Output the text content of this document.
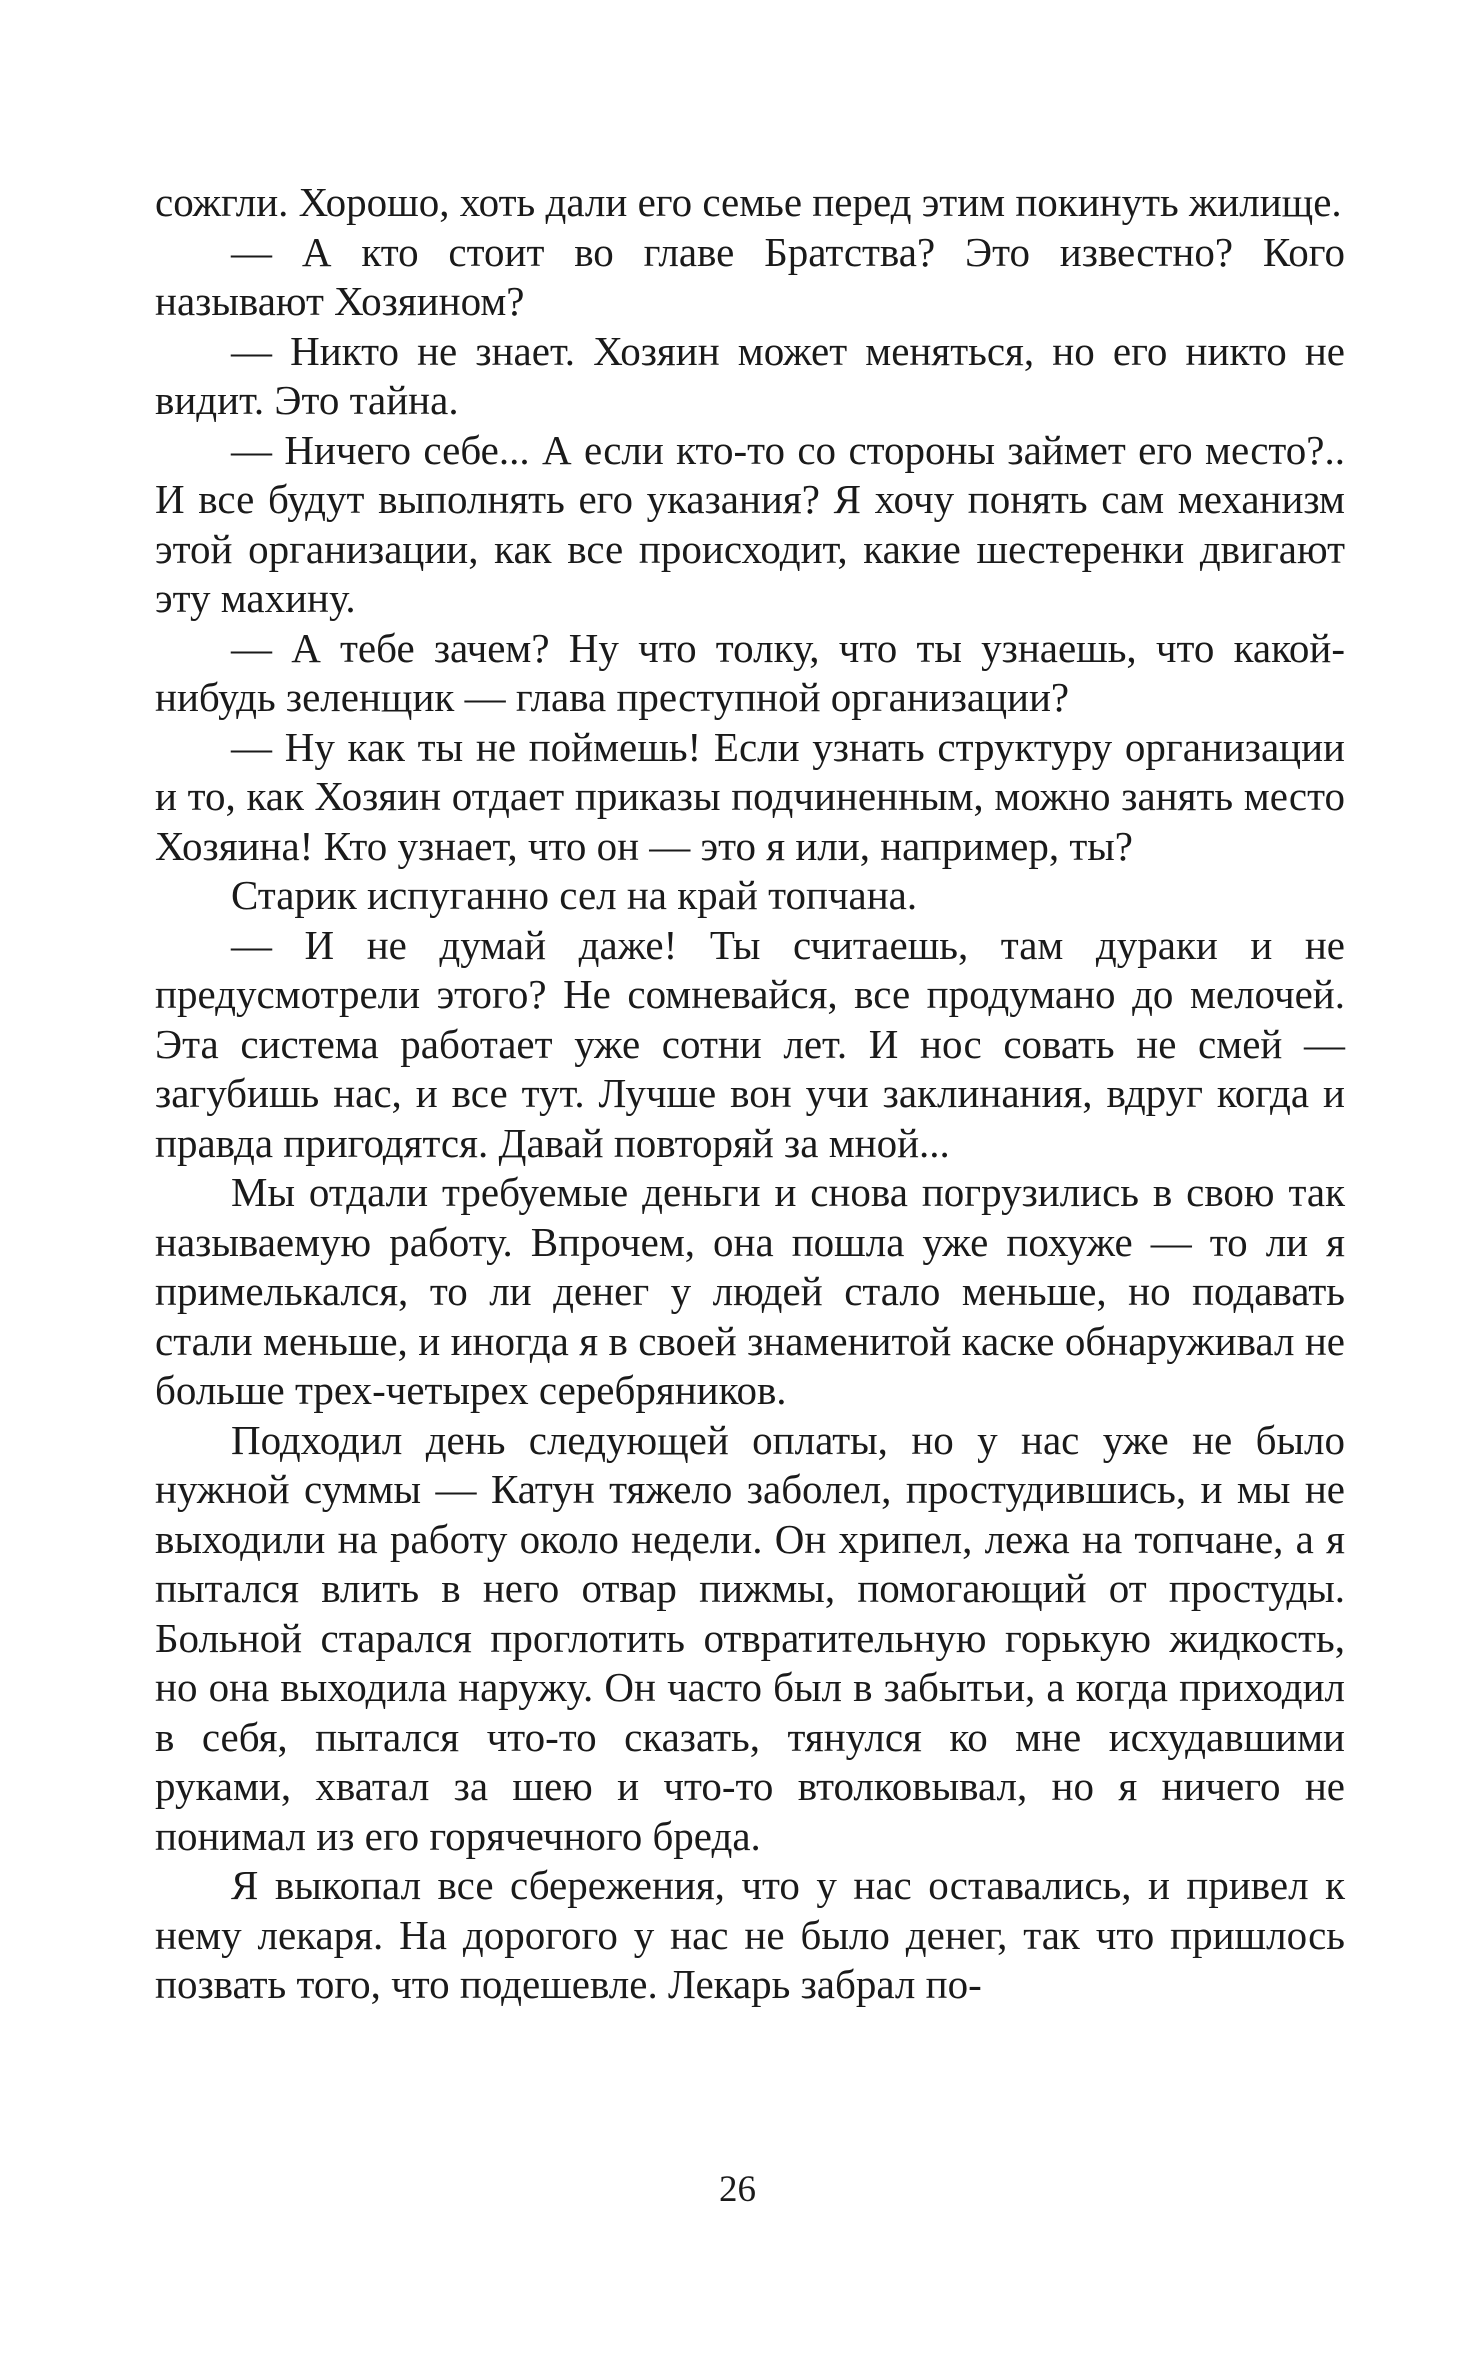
сожгли. Хорошо, хоть дали его семье перед этим покинуть жилище.

— А кто стоит во главе Братства? Это известно? Кого называют Хозяином?

— Никто не знает. Хозяин может меняться, но его никто не видит. Это тайна.

— Ничего себе... А если кто-то со стороны займет его место?.. И все будут выполнять его указания? Я хочу понять сам механизм этой организации, как все происходит, какие шестеренки двигают эту махину.

— А тебе зачем? Ну что толку, что ты узнаешь, что какой-нибудь зеленщик — глава преступной организации?

— Ну как ты не поймешь! Если узнать структуру организации и то, как Хозяин отдает приказы подчиненным, можно занять место Хозяина! Кто узнает, что он — это я или, например, ты?

Старик испуганно сел на край топчана.

— И не думай даже! Ты считаешь, там дураки и не предусмотрели этого? Не сомневайся, все продумано до мелочей. Эта система работает уже сотни лет. И нос совать не смей — загубишь нас, и все тут. Лучше вон учи заклинания, вдруг когда и правда пригодятся. Давай повторяй за мной...

Мы отдали требуемые деньги и снова погрузились в свою так называемую работу. Впрочем, она пошла уже похуже — то ли я примелькался, то ли денег у людей стало меньше, но подавать стали меньше, и иногда я в своей знаменитой каске обнаруживал не больше трех-четырех серебряников.

Подходил день следующей оплаты, но у нас уже не было нужной суммы — Катун тяжело заболел, простудившись, и мы не выходили на работу около недели. Он хрипел, лежа на топчане, а я пытался влить в него отвар пижмы, помогающий от простуды. Больной старался проглотить отвратительную горькую жидкость, но она выходила наружу. Он часто был в забытьи, а когда приходил в себя, пытался что-то сказать, тянулся ко мне исхудавшими руками, хватал за шею и что-то втолковывал, но я ничего не понимал из его горячечного бреда.

Я выкопал все сбережения, что у нас оставались, и привел к нему лекаря. На дорогого у нас не было денег, так что пришлось позвать того, что подешевле. Лекарь забрал по-

26
